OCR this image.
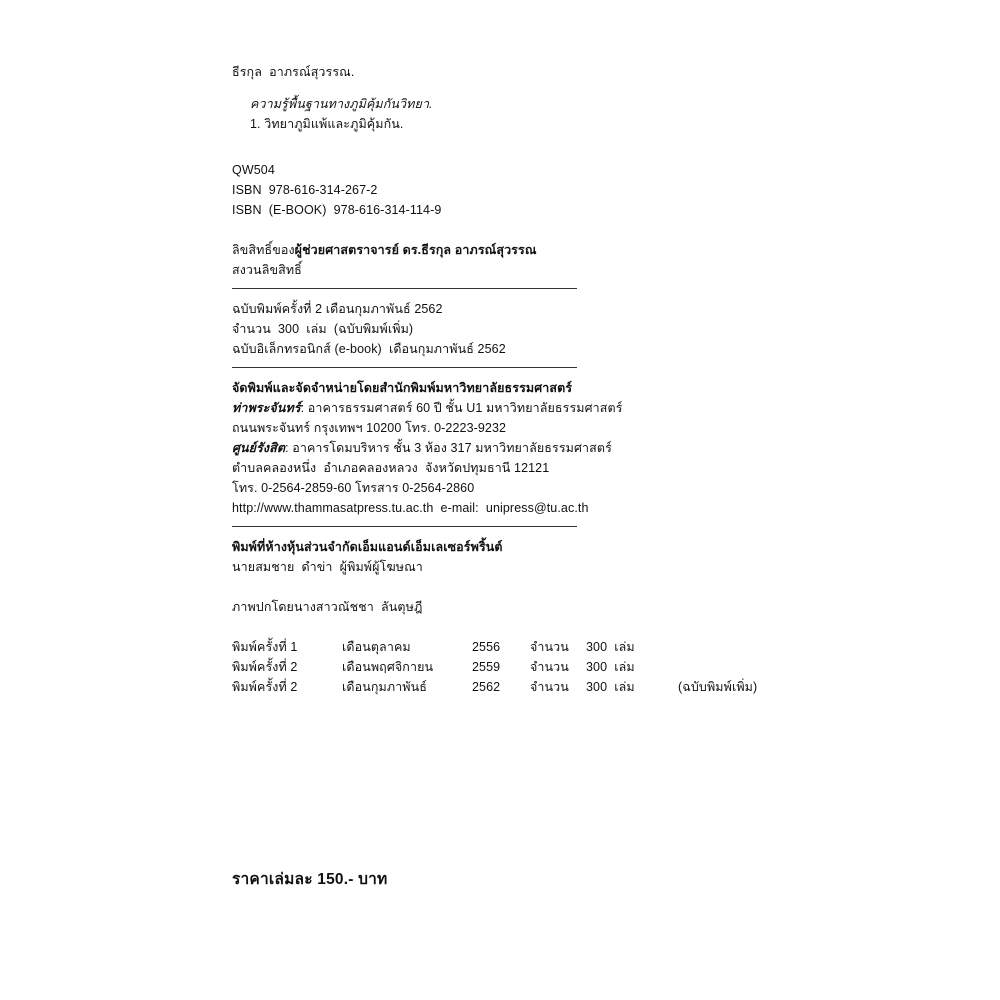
ธีรกุล  อาภรณ์สุวรรณ.
ความรู้พื้นฐานทางภูมิคุ้มกันวิทยา.
1. วิทยาภูมิแพ้และภูมิคุ้มกัน.
QW504
ISBN  978-616-314-267-2
ISBN  (E-BOOK)  978-616-314-114-9
ลิขสิทธิ์ของผู้ช่วยศาสตราจารย์ ดร.ธีรกุล อาภรณ์สุวรรณ
สงวนลิขสิทธิ์
ฉบับพิมพ์ครั้งที่ 2 เดือนกุมภาพันธ์ 2562
จำนวน  300  เล่ม  (ฉบับพิมพ์เพิ่ม)
ฉบับอิเล็กทรอนิกส์ (e-book)  เดือนกุมภาพันธ์ 2562
จัดพิมพ์และจัดจำหน่ายโดยสำนักพิมพ์มหาวิทยาลัยธรรมศาสตร์
ท่าพระจันทร์: อาคารธรรมศาสตร์ 60 ปี ชั้น U1 มหาวิทยาลัยธรรมศาสตร์
ถนนพระจันทร์ กรุงเทพฯ 10200 โทร. 0-2223-9232
ศูนย์รังสิต: อาคารโดมบริหาร ชั้น 3 ห้อง 317 มหาวิทยาลัยธรรมศาสตร์
ตำบลคลองหนึ่ง  อำเภอคลองหลวง  จังหวัดปทุมธานี 12121
โทร. 0-2564-2859-60 โทรสาร 0-2564-2860
http://www.thammasatpress.tu.ac.th  e-mail:  unipress@tu.ac.th
พิมพ์ที่ห้างหุ้นส่วนจำกัดเอ็มแอนด์เอ็มเลเซอร์พริ้นต์
นายสมชาย  ดำข่า  ผู้พิมพ์ผู้โฆษณา
ภาพปกโดยนางสาวณัชชา  ลันตุษฎี
พิมพ์ครั้งที่ 1	เดือนตุลาคม	2556 จำนวน 300  เล่ม
พิมพ์ครั้งที่ 2	เดือนพฤศจิกายน	2559 จำนวน 300  เล่ม
พิมพ์ครั้งที่ 2	เดือนกุมภาพันธ์	2562 จำนวน 300  เล่ม	(ฉบับพิมพ์เพิ่ม)
ราคาเล่มละ 150.- บาท
